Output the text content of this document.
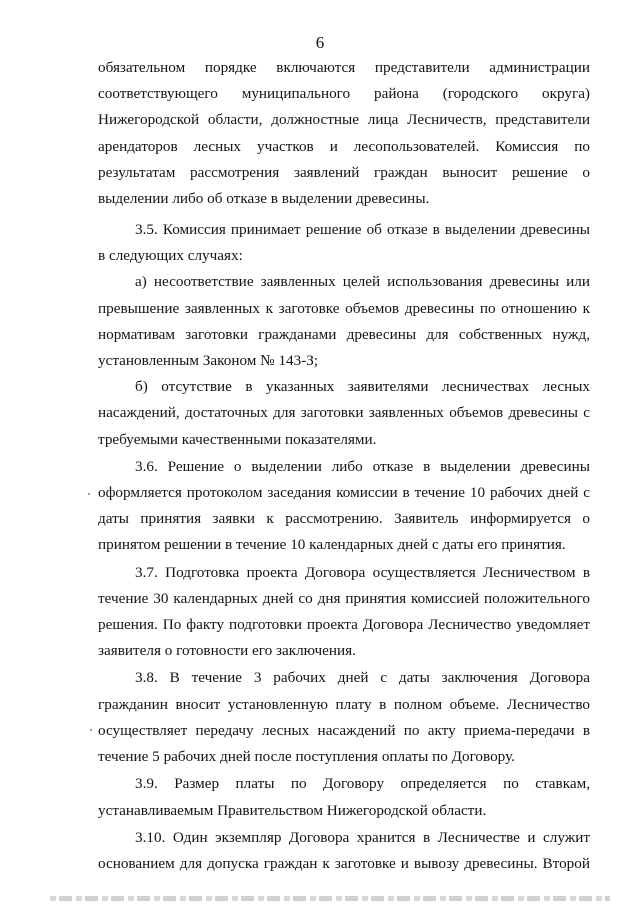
6
обязательном порядке включаются представители администрации
соответствующего муниципального района (городского округа)
Нижегородской области, должностные лица Лесничеств, представители
арендаторов лесных участков и лесопользователей. Комиссия по
результатам рассмотрения заявлений граждан выносит решение о
выделении либо об отказе в выделении древесины.
3.5. Комиссия принимает решение об отказе в выделении древесины
в следующих случаях:
а) несоответствие заявленных целей использования древесины или
превышение заявленных к заготовке объемов древесины по отношению к
нормативам заготовки гражданами древесины для собственных нужд,
установленным Законом № 143-З;
б) отсутствие в указанных заявителями лесничествах лесных
насаждений, достаточных для заготовки заявленных объемов древесины с
требуемыми качественными показателями.
3.6. Решение о выделении либо отказе в выделении древесины
оформляется протоколом заседания комиссии в течение 10 рабочих дней с
даты принятия заявки к рассмотрению. Заявитель информируется о
принятом решении в течение 10 календарных дней с даты его принятия.
3.7. Подготовка проекта Договора осуществляется Лесничеством в
течение 30 календарных дней со дня принятия комиссией положительного
решения. По факту подготовки проекта Договора Лесничество уведомляет
заявителя о готовности его заключения.
3.8. В течение 3 рабочих дней с даты заключения Договора
гражданин вносит установленную плату в полном объеме. Лесничество
осуществляет передачу лесных насаждений по акту приема-передачи в
течение 5 рабочих дней после поступления оплаты по Договору.
3.9. Размер платы по Договору определяется по ставкам,
устанавливаемым Правительством Нижегородской области.
3.10. Один экземпляр Договора хранится в Лесничестве и служит
основанием для допуска граждан к заготовке и вывозу древесины. Второй
